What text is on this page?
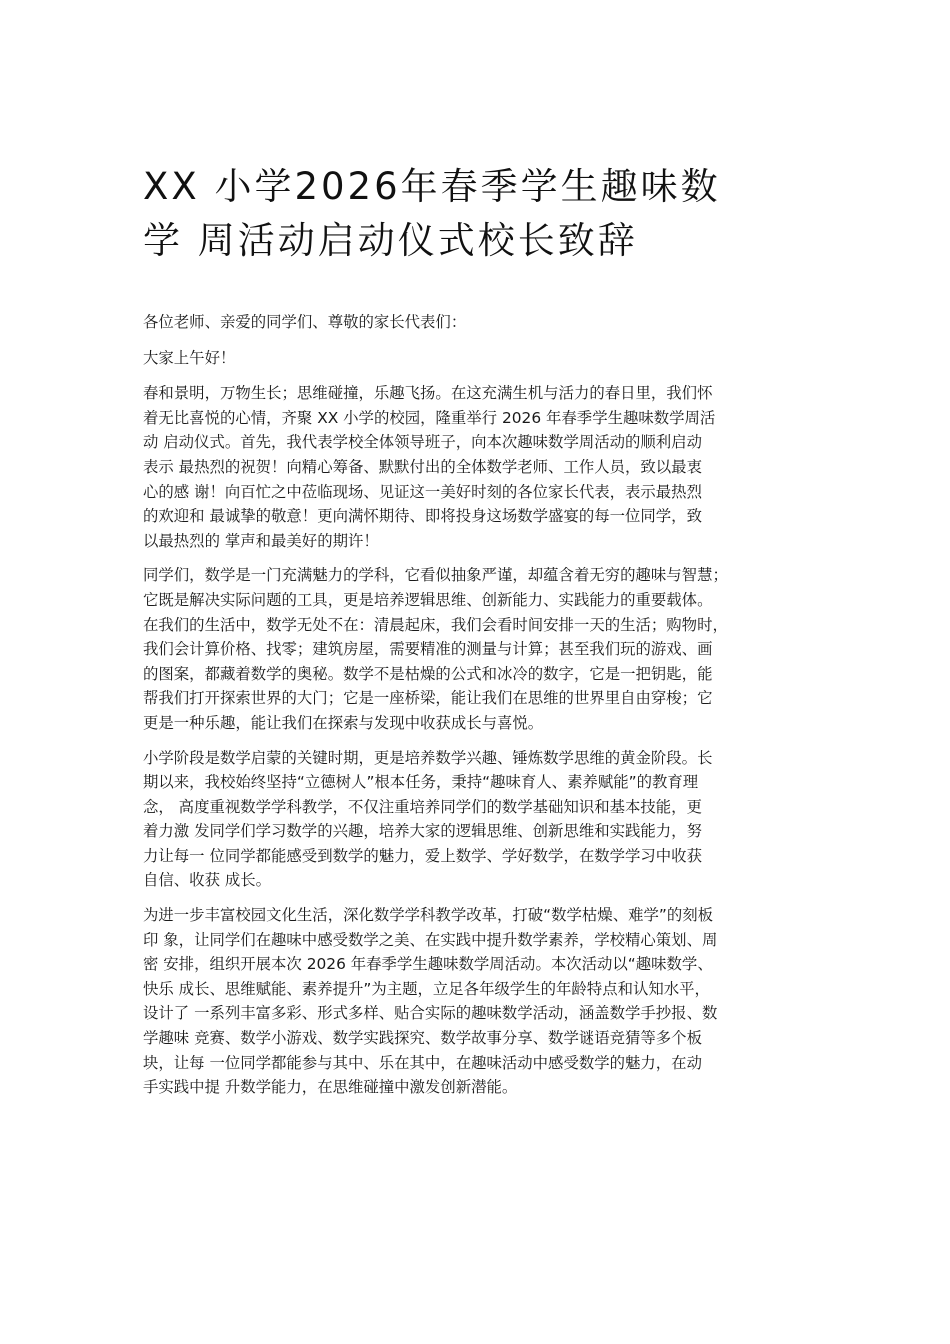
XX 小学2026年春季学生趣味数
学 周活动启动仪式校长致辞

各位老师、亲爱的同学们、尊敬的家长代表们：

大家上午好！

春和景明，万物生长；思维碰撞，乐趣飞扬。在这充满生机与活力的春日里，我们怀
着无比喜悦的心情，齐聚 XX 小学的校园，隆重举行 2026 年春季学生趣味数学周活
动 启动仪式。首先，我代表学校全体领导班子，向本次趣味数学周活动的顺利启动
表示 最热烈的祝贺！向精心筹备、默默付出的全体数学老师、工作人员，致以最衷
心的感 谢！向百忙之中莅临现场、见证这一美好时刻的各位家长代表，表示最热烈
的欢迎和 最诚挚的敬意！更向满怀期待、即将投身这场数学盛宴的每一位同学，致
以最热烈的 掌声和最美好的期许！

同学们，数学是一门充满魅力的学科，它看似抽象严谨，却蕴含着无穷的趣味与智慧；
它既是解决实际问题的工具，更是培养逻辑思维、创新能力、实践能力的重要载体。
在我们的生活中，数学无处不在：清晨起床，我们会看时间安排一天的生活；购物时，
我们会计算价格、找零；建筑房屋，需要精准的测量与计算；甚至我们玩的游戏、画
的图案，都藏着数学的奥秘。数学不是枯燥的公式和冰冷的数字，它是一把钥匙，能
帮我们打开探索世界的大门；它是一座桥梁，能让我们在思维的世界里自由穿梭；它
更是一种乐趣，能让我们在探索与发现中收获成长与喜悦。

小学阶段是数学启蒙的关键时期，更是培养数学兴趣、锤炼数学思维的黄金阶段。长
期以来，我校始终坚持“立德树人”根本任务，秉持“趣味育人、素养赋能”的教育理
念， 高度重视数学学科教学，不仅注重培养同学们的数学基础知识和基本技能，更
着力激 发同学们学习数学的兴趣，培养大家的逻辑思维、创新思维和实践能力，努
力让每一 位同学都能感受到数学的魅力，爱上数学、学好数学，在数学学习中收获
自信、收获 成长。

为进一步丰富校园文化生活，深化数学学科教学改革，打破“数学枯燥、难学”的刻板
印 象，让同学们在趣味中感受数学之美、在实践中提升数学素养，学校精心策划、周
密 安排，组织开展本次 2026 年春季学生趣味数学周活动。本次活动以“趣味数学、
快乐 成长、思维赋能、素养提升”为主题，立足各年级学生的年龄特点和认知水平，
设计了 一系列丰富多彩、形式多样、贴合实际的趣味数学活动，涵盖数学手抄报、数
学趣味 竞赛、数学小游戏、数学实践探究、数学故事分享、数学谜语竞猜等多个板
块，让每 一位同学都能参与其中、乐在其中，在趣味活动中感受数学的魅力，在动
手实践中提 升数学能力，在思维碰撞中激发创新潜能。
